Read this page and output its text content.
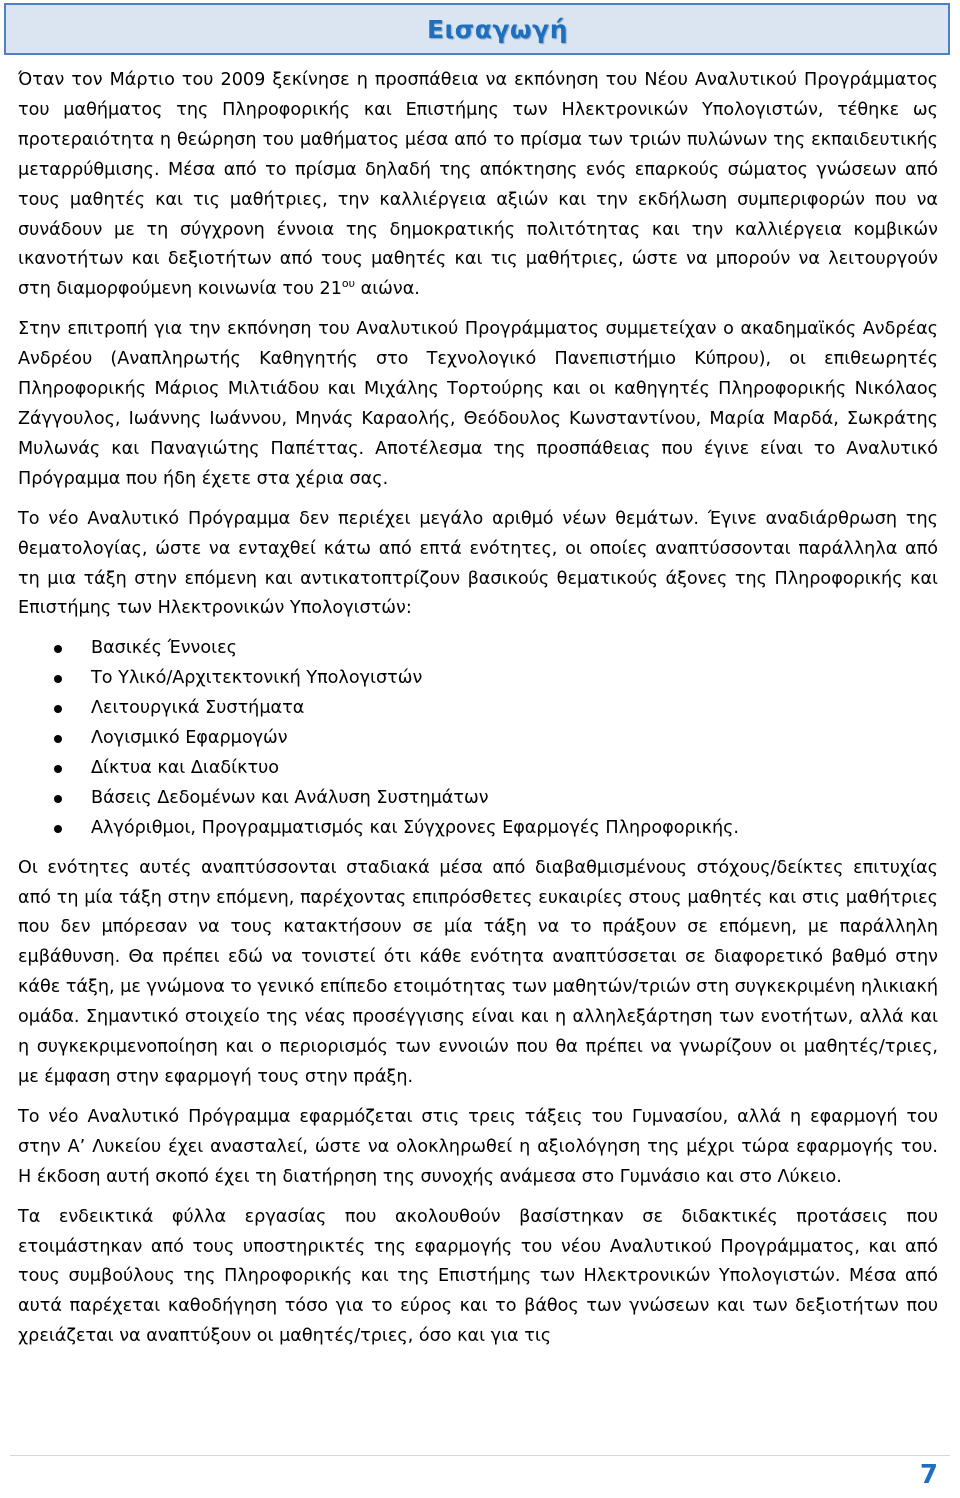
Εισαγωγή

Όταν τον Μάρτιο του 2009 ξεκίνησε η προσπάθεια να εκπόνηση του Νέου Αναλυτικού Προγράμματος του μαθήματος της Πληροφορικής και Επιστήμης των Ηλεκτρονικών Υπολογιστών, τέθηκε ως προτεραιότητα η θεώρηση του μαθήματος μέσα από το πρίσμα των τριών πυλώνων της εκπαιδευτικής μεταρρύθμισης. Μέσα από το πρίσμα δηλαδή της απόκτησης ενός επαρκούς σώματος γνώσεων από τους μαθητές και τις μαθήτριες, την καλλιέργεια αξιών και την εκδήλωση συμπεριφορών που να συνάδουν με τη σύγχρονη έννοια της δημοκρατικής πολιτότητας και την καλλιέργεια κομβικών ικανοτήτων και δεξιοτήτων από τους μαθητές και τις μαθήτριες, ώστε να μπορούν να λειτουργούν στη διαμορφούμενη κοινωνία του $21^{o\upsilon}$ αιώνα.

Στην επιτροπή για την εκπόνηση του Αναλυτικού Προγράμματος συμμετείχαν ο ακαδημαϊκός Ανδρέας Ανδρέου (Αναπληρωτής Καθηγητής στο Τεχνολογικό Πανεπιστήμιο Κύπρου), οι επιθεωρητές Πληροφορικής Μάριος Μιλτιάδου και Μιχάλης Τορτούρης και οι καθηγητές Πληροφορικής Νικόλαος Ζάγγουλος, Ιωάννης Ιωάννου, Μηνάς Καραολής, Θεόδουλος Κωνσταντίνου, Μαρία Μαρδά, Σωκράτης Μυλωνάς και Παναγιώτης Παπέττας. Αποτέλεσμα της προσπάθειας που έγινε είναι το Αναλυτικό Πρόγραμμα που ήδη έχετε στα χέρια σας.

Το νέο Αναλυτικό Πρόγραμμα δεν περιέχει μεγάλο αριθμό νέων θεμάτων. Έγινε αναδιάρθρωση της θεματολογίας, ώστε να ενταχθεί κάτω από επτά ενότητες, οι οποίες αναπτύσσονται παράλληλα από τη μια τάξη στην επόμενη και αντικατοπτρίζουν βασικούς θεματικούς άξονες της Πληροφορικής και Επιστήμης των Ηλεκτρονικών Υπολογιστών:

Βασικές Έννοιες
Το Υλικό/Αρχιτεκτονική Υπολογιστών
Λειτουργικά Συστήματα
Λογισμικό Εφαρμογών
Δίκτυα και Διαδίκτυο
Βάσεις Δεδομένων και Ανάλυση Συστημάτων
Αλγόριθμοι, Προγραμματισμός και Σύγχρονες Εφαρμογές Πληροφορικής.

Οι ενότητες αυτές αναπτύσσονται σταδιακά μέσα από διαβαθμισμένους στόχους/δείκτες επιτυχίας από τη μία τάξη στην επόμενη, παρέχοντας επιπρόσθετες ευκαιρίες στους μαθητές και στις μαθήτριες που δεν μπόρεσαν να τους κατακτήσουν σε μία τάξη να το πράξουν σε επόμενη, με παράλληλη εμβάθυνση. Θα πρέπει εδώ να τονιστεί ότι κάθε ενότητα αναπτύσσεται σε διαφορετικό βαθμό στην κάθε τάξη, με γνώμονα το γενικό επίπεδο ετοιμότητας των μαθητών/τριών στη συγκεκριμένη ηλικιακή ομάδα. Σημαντικό στοιχείο της νέας προσέγγισης είναι και η αλληλεξάρτηση των ενοτήτων, αλλά και η συγκεκριμενοποίηση και ο περιορισμός των εννοιών που θα πρέπει να γνωρίζουν οι μαθητές/τριες, με έμφαση στην εφαρμογή τους στην πράξη.

Το νέο Αναλυτικό Πρόγραμμα εφαρμόζεται στις τρεις τάξεις του Γυμνασίου, αλλά η εφαρμογή του στην Α’ Λυκείου έχει ανασταλεί, ώστε να ολοκληρωθεί η αξιολόγηση της μέχρι τώρα εφαρμογής του. Η έκδοση αυτή σκοπό έχει τη διατήρηση της συνοχής ανάμεσα στο Γυμνάσιο και στο Λύκειο.

Τα ενδεικτικά φύλλα εργασίας που ακολουθούν βασίστηκαν σε διδακτικές προτάσεις που ετοιμάστηκαν από τους υποστηρικτές της εφαρμογής του νέου Αναλυτικού Προγράμματος, και από τους συμβούλους της Πληροφορικής και της Επιστήμης των Ηλεκτρονικών Υπολογιστών. Μέσα από αυτά παρέχεται καθοδήγηση τόσο για το εύρος και το βάθος των γνώσεων και των δεξιοτήτων που χρειάζεται να αναπτύξουν οι μαθητές/τριες, όσο και για τις

7
